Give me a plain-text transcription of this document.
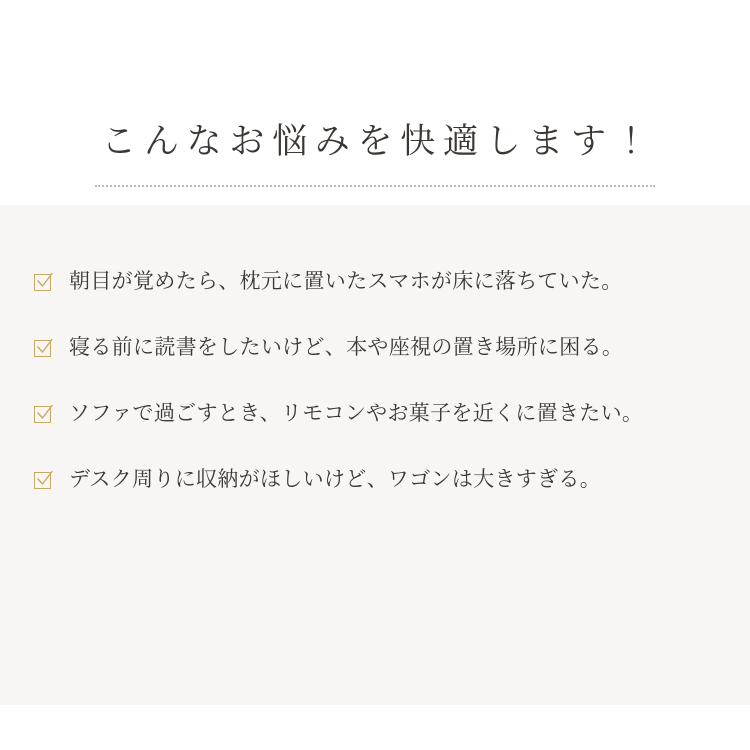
こんなお悩みを快適します！
朝目が覚めたら、枕元に置いたスマホが床に落ちていた。
寝る前に読書をしたいけど、本や座視の置き場所に困る。
ソファで過ごすとき、リモコンやお菓子を近くに置きたい。
デスク周りに収納がほしいけど、ワゴンは大きすぎる。
